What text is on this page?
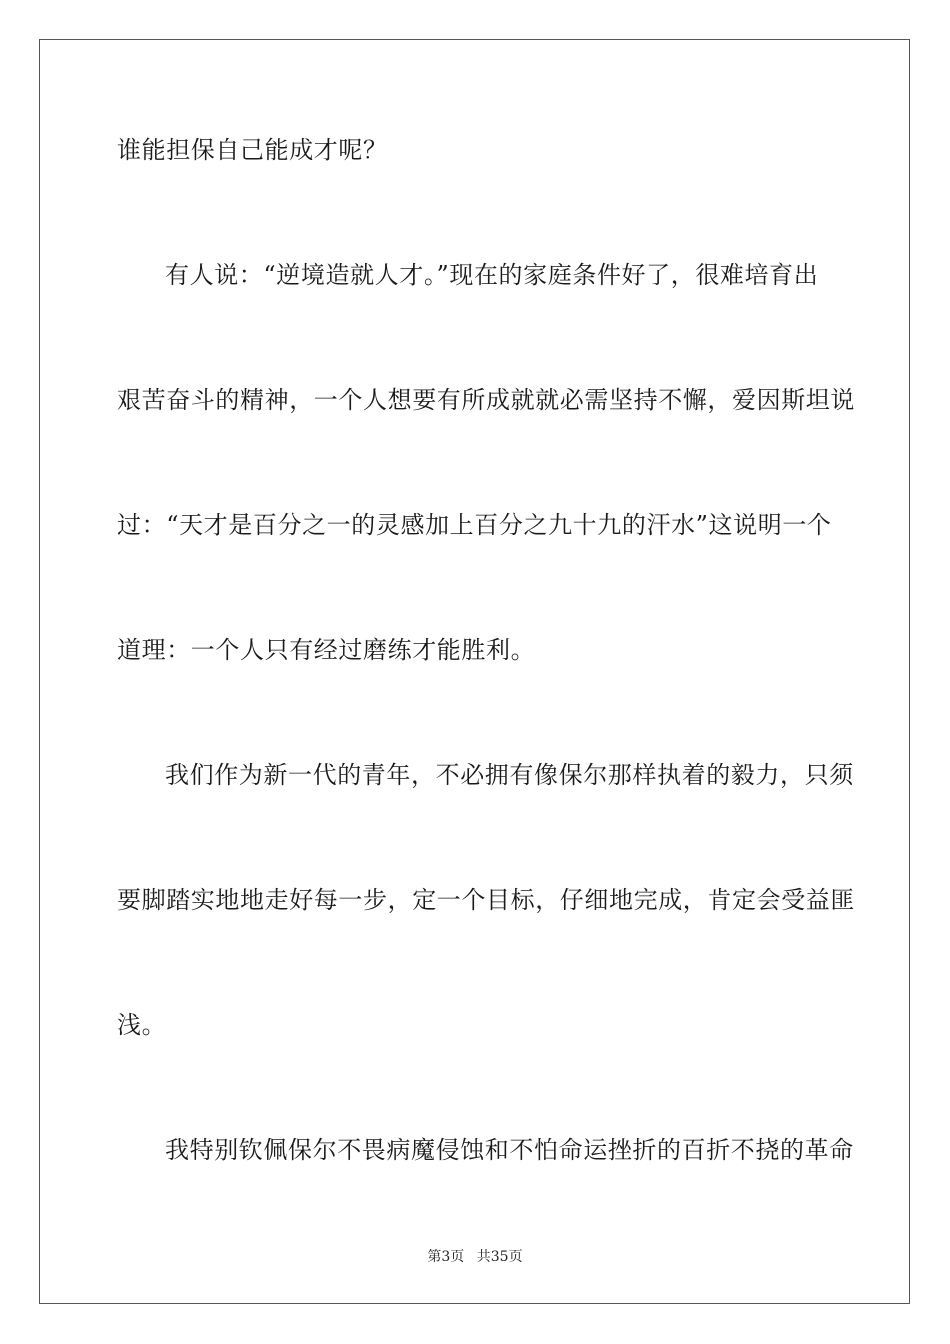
谁能担保自己能成才呢？
有人说：“逆境造就人才。”现在的家庭条件好了，很难培育出
艰苦奋斗的精神，一个人想要有所成就就必需坚持不懈，爱因斯坦说
过：“天才是百分之一的灵感加上百分之九十九的汗水”这说明一个
道理：一个人只有经过磨练才能胜利。
我们作为新一代的青年，不必拥有像保尔那样执着的毅力，只须
要脚踏实地地走好每一步，定一个目标，仔细地完成，肯定会受益匪
浅。
我特别钦佩保尔不畏病魔侵蚀和不怕命运挫折的百折不挠的革命
第3页 共35页
